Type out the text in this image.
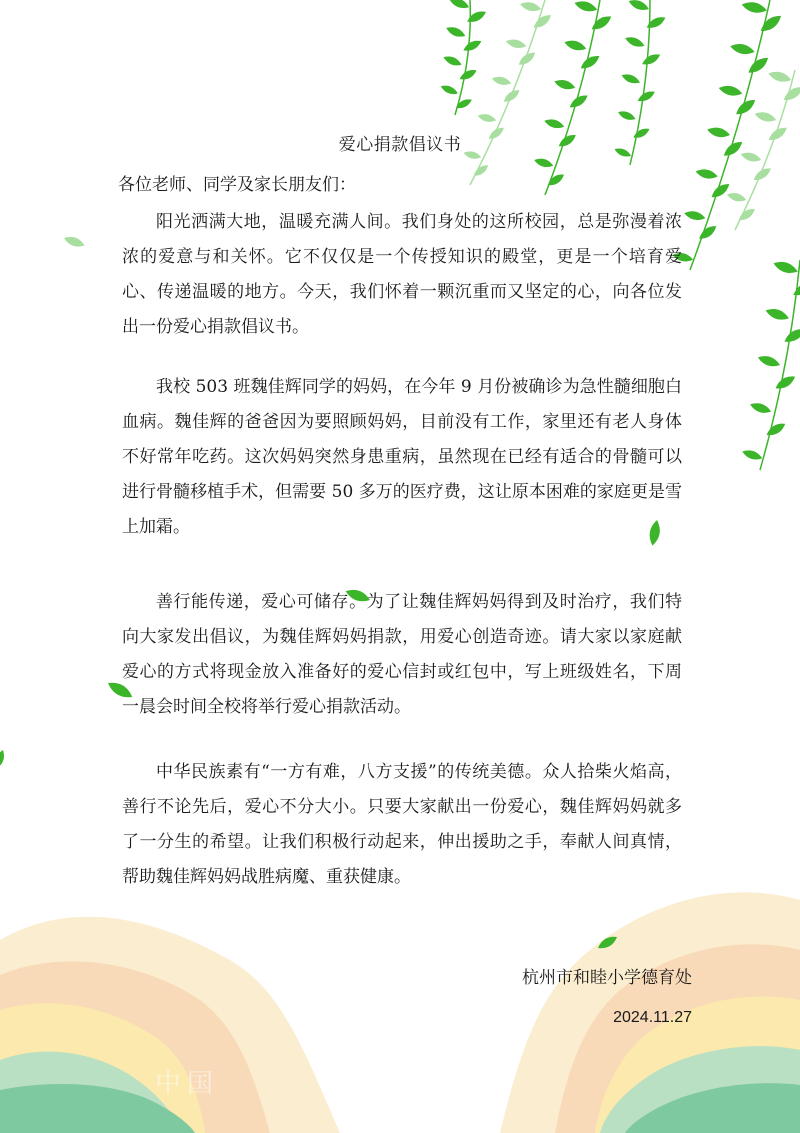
爱心捐款倡议书
各位老师、同学及家长朋友们：

阳光洒满大地，温暖充满人间。我们身处的这所校园，总是弥漫着浓浓的爱意与和关怀。它不仅仅是一个传授知识的殿堂，更是一个培育爱心、传递温暖的地方。今天，我们怀着一颗沉重而又坚定的心，向各位发出一份爱心捐款倡议书。

我校 503 班魏佳辉同学的妈妈，在今年 9 月份被确诊为急性髓细胞白血病。魏佳辉的爸爸因为要照顾妈妈，目前没有工作，家里还有老人身体不好常年吃药。这次妈妈突然身患重病，虽然现在已经有适合的骨髓可以进行骨髓移植手术，但需要 50 多万的医疗费，这让原本困难的家庭更是雪上加霜。

善行能传递，爱心可储存。为了让魏佳辉妈妈得到及时治疗，我们特向大家发出倡议，为魏佳辉妈妈捐款，用爱心创造奇迹。请大家以家庭献爱心的方式将现金放入准备好的爱心信封或红包中，写上班级姓名，下周一晨会时间全校将举行爱心捐款活动。

中华民族素有“一方有难，八方支援”的传统美德。众人拾柴火焰高，善行不论先后，爱心不分大小。只要大家献出一份爱心，魏佳辉妈妈就多了一分生的希望。让我们积极行动起来，伸出援助之手，奉献人间真情，帮助魏佳辉妈妈战胜病魔、重获健康。

杭州市和睦小学德育处
2024.11.27
中国
